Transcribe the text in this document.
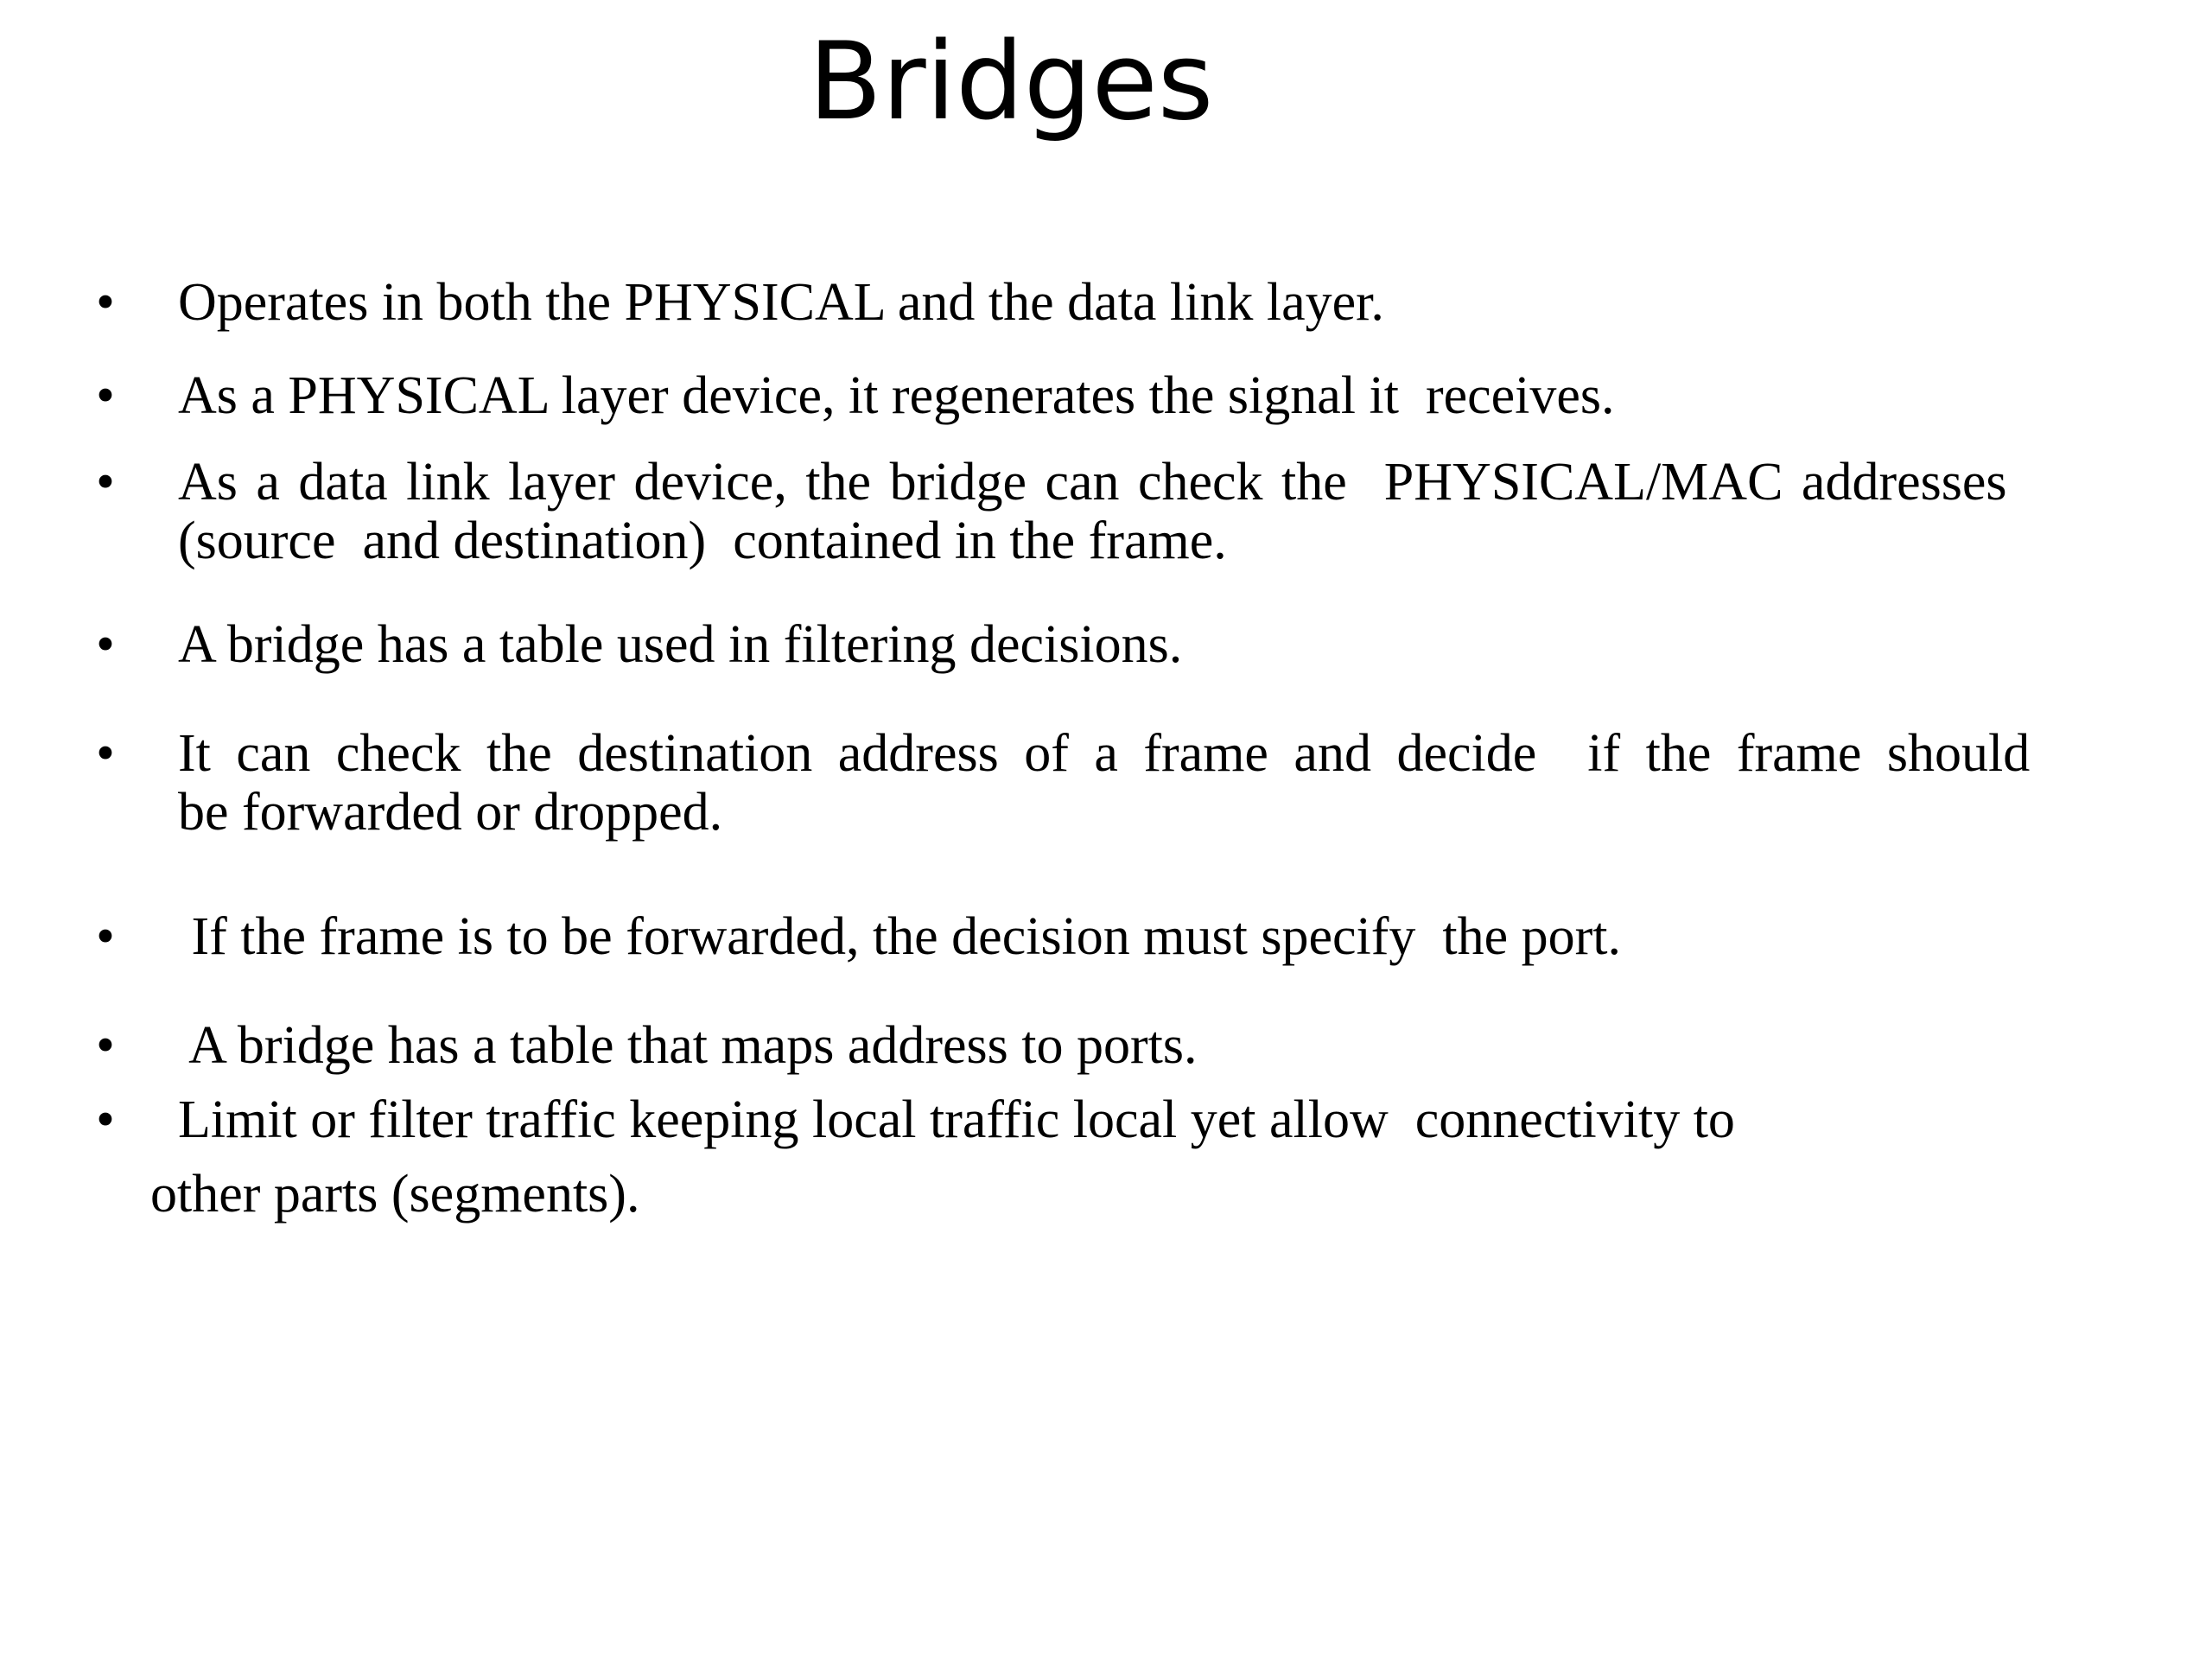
Bridges
• Operates in both the PHYSICAL and the data link layer.
• As a PHYSICAL layer device, it regenerates the signal it  receives.
• As a data link layer device, the bridge can check the  PHYSICAL/MAC addresses
(source  and destination)  contained in the frame.
• A bridge has a table used in filtering decisions.
• It can check the destination address of a frame and decide  if the frame should
be forwarded or dropped.
• If the frame is to be forwarded, the decision must specify  the port.
• A bridge has a table that maps address to ports.
• Limit or filter traffic keeping local traffic local yet allow  connectivity to
other parts (segments).
